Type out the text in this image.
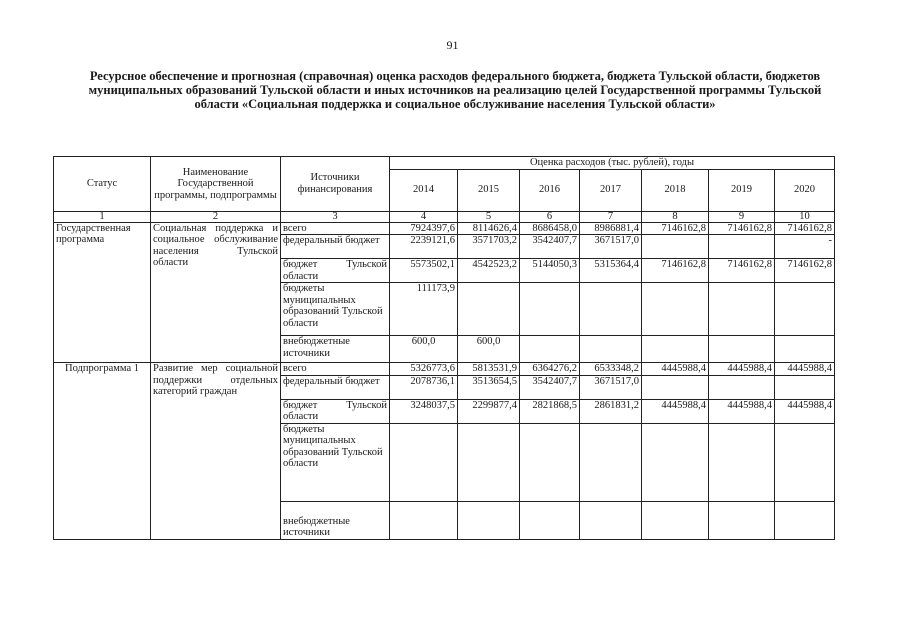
91
Ресурсное обеспечение и прогнозная (справочная) оценка расходов федерального бюджета, бюджета Тульской области, бюджетов муниципальных образований Тульской области и иных источников на реализацию целей Государственной программы Тульской области «Социальная поддержка и социальное обслуживание населения Тульской области»
Статус	Наименование Государственной программы, подпрограммы	Источники финансирования	Оценка расходов (тыс. рублей), годы						
			2014	2015	2016	2017	2018	2019	2020
1	2	3	4	5	6	7	8	9	10
Государственная программа	Социальная поддержка и социальное обслуживание населения Тульской области	всего	7924397,6	8114626,4	8686458,0	8986881,4	7146162,8	7146162,8	7146162,8
		федеральный бюджет	2239121,6	3571703,2	3542407,7	3671517,0			-
		бюджет Тульской области	5573502,1	4542523,2	5144050,3	5315364,4	7146162,8	7146162,8	7146162,8
		бюджеты муниципальных образований Тульской области	111173,9						
		внебюджетные источники	600,0	600,0					
Подпрограмма 1	Развитие мер социальной поддержки отдельных категорий граждан	всего	5326773,6	5813531,9	6364276,2	6533348,2	4445988,4	4445988,4	4445988,4
		федеральный бюджет	2078736,1	3513654,5	3542407,7	3671517,0			
		бюджет Тульской области	3248037,5	2299877,4	2821868,5	2861831,2	4445988,4	4445988,4	4445988,4
		бюджеты муниципальных образований Тульской области							
		внебюджетные источники							
